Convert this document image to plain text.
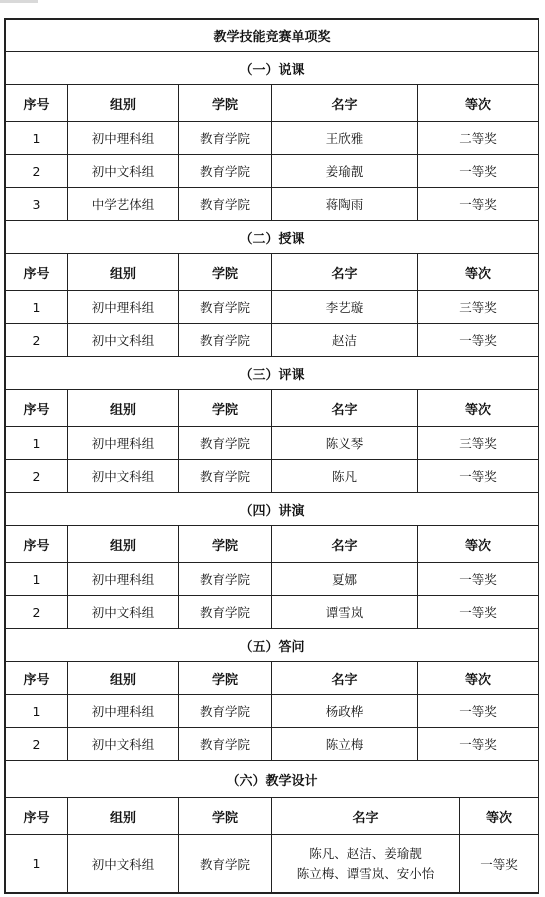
教学技能竞赛单项奖				
（一）说课				
序号	组别	学院	名字	等次
1	初中理科组	教育学院	王欣雅	二等奖
2	初中文科组	教育学院	姜瑜靓	一等奖
3	中学艺体组	教育学院	蒋陶雨	一等奖
（二）授课				
序号	组别	学院	名字	等次
1	初中理科组	教育学院	李艺璇	三等奖
2	初中文科组	教育学院	赵洁	一等奖
（三）评课				
序号	组别	学院	名字	等次
1	初中理科组	教育学院	陈义琴	三等奖
2	初中文科组	教育学院	陈凡	一等奖
（四）讲演				
序号	组别	学院	名字	等次
1	初中理科组	教育学院	夏娜	一等奖
2	初中文科组	教育学院	谭雪岚	一等奖
（五）答问				
序号	组别	学院	名字	等次
1	初中理科组	教育学院	杨政桦	一等奖
2	初中文科组	教育学院	陈立梅	一等奖
（六）教学设计				
序号	组别	学院	名字	等次
1	初中文科组	教育学院	陈凡、赵洁、姜瑜靓
陈立梅、谭雪岚、安小怡	一等奖
